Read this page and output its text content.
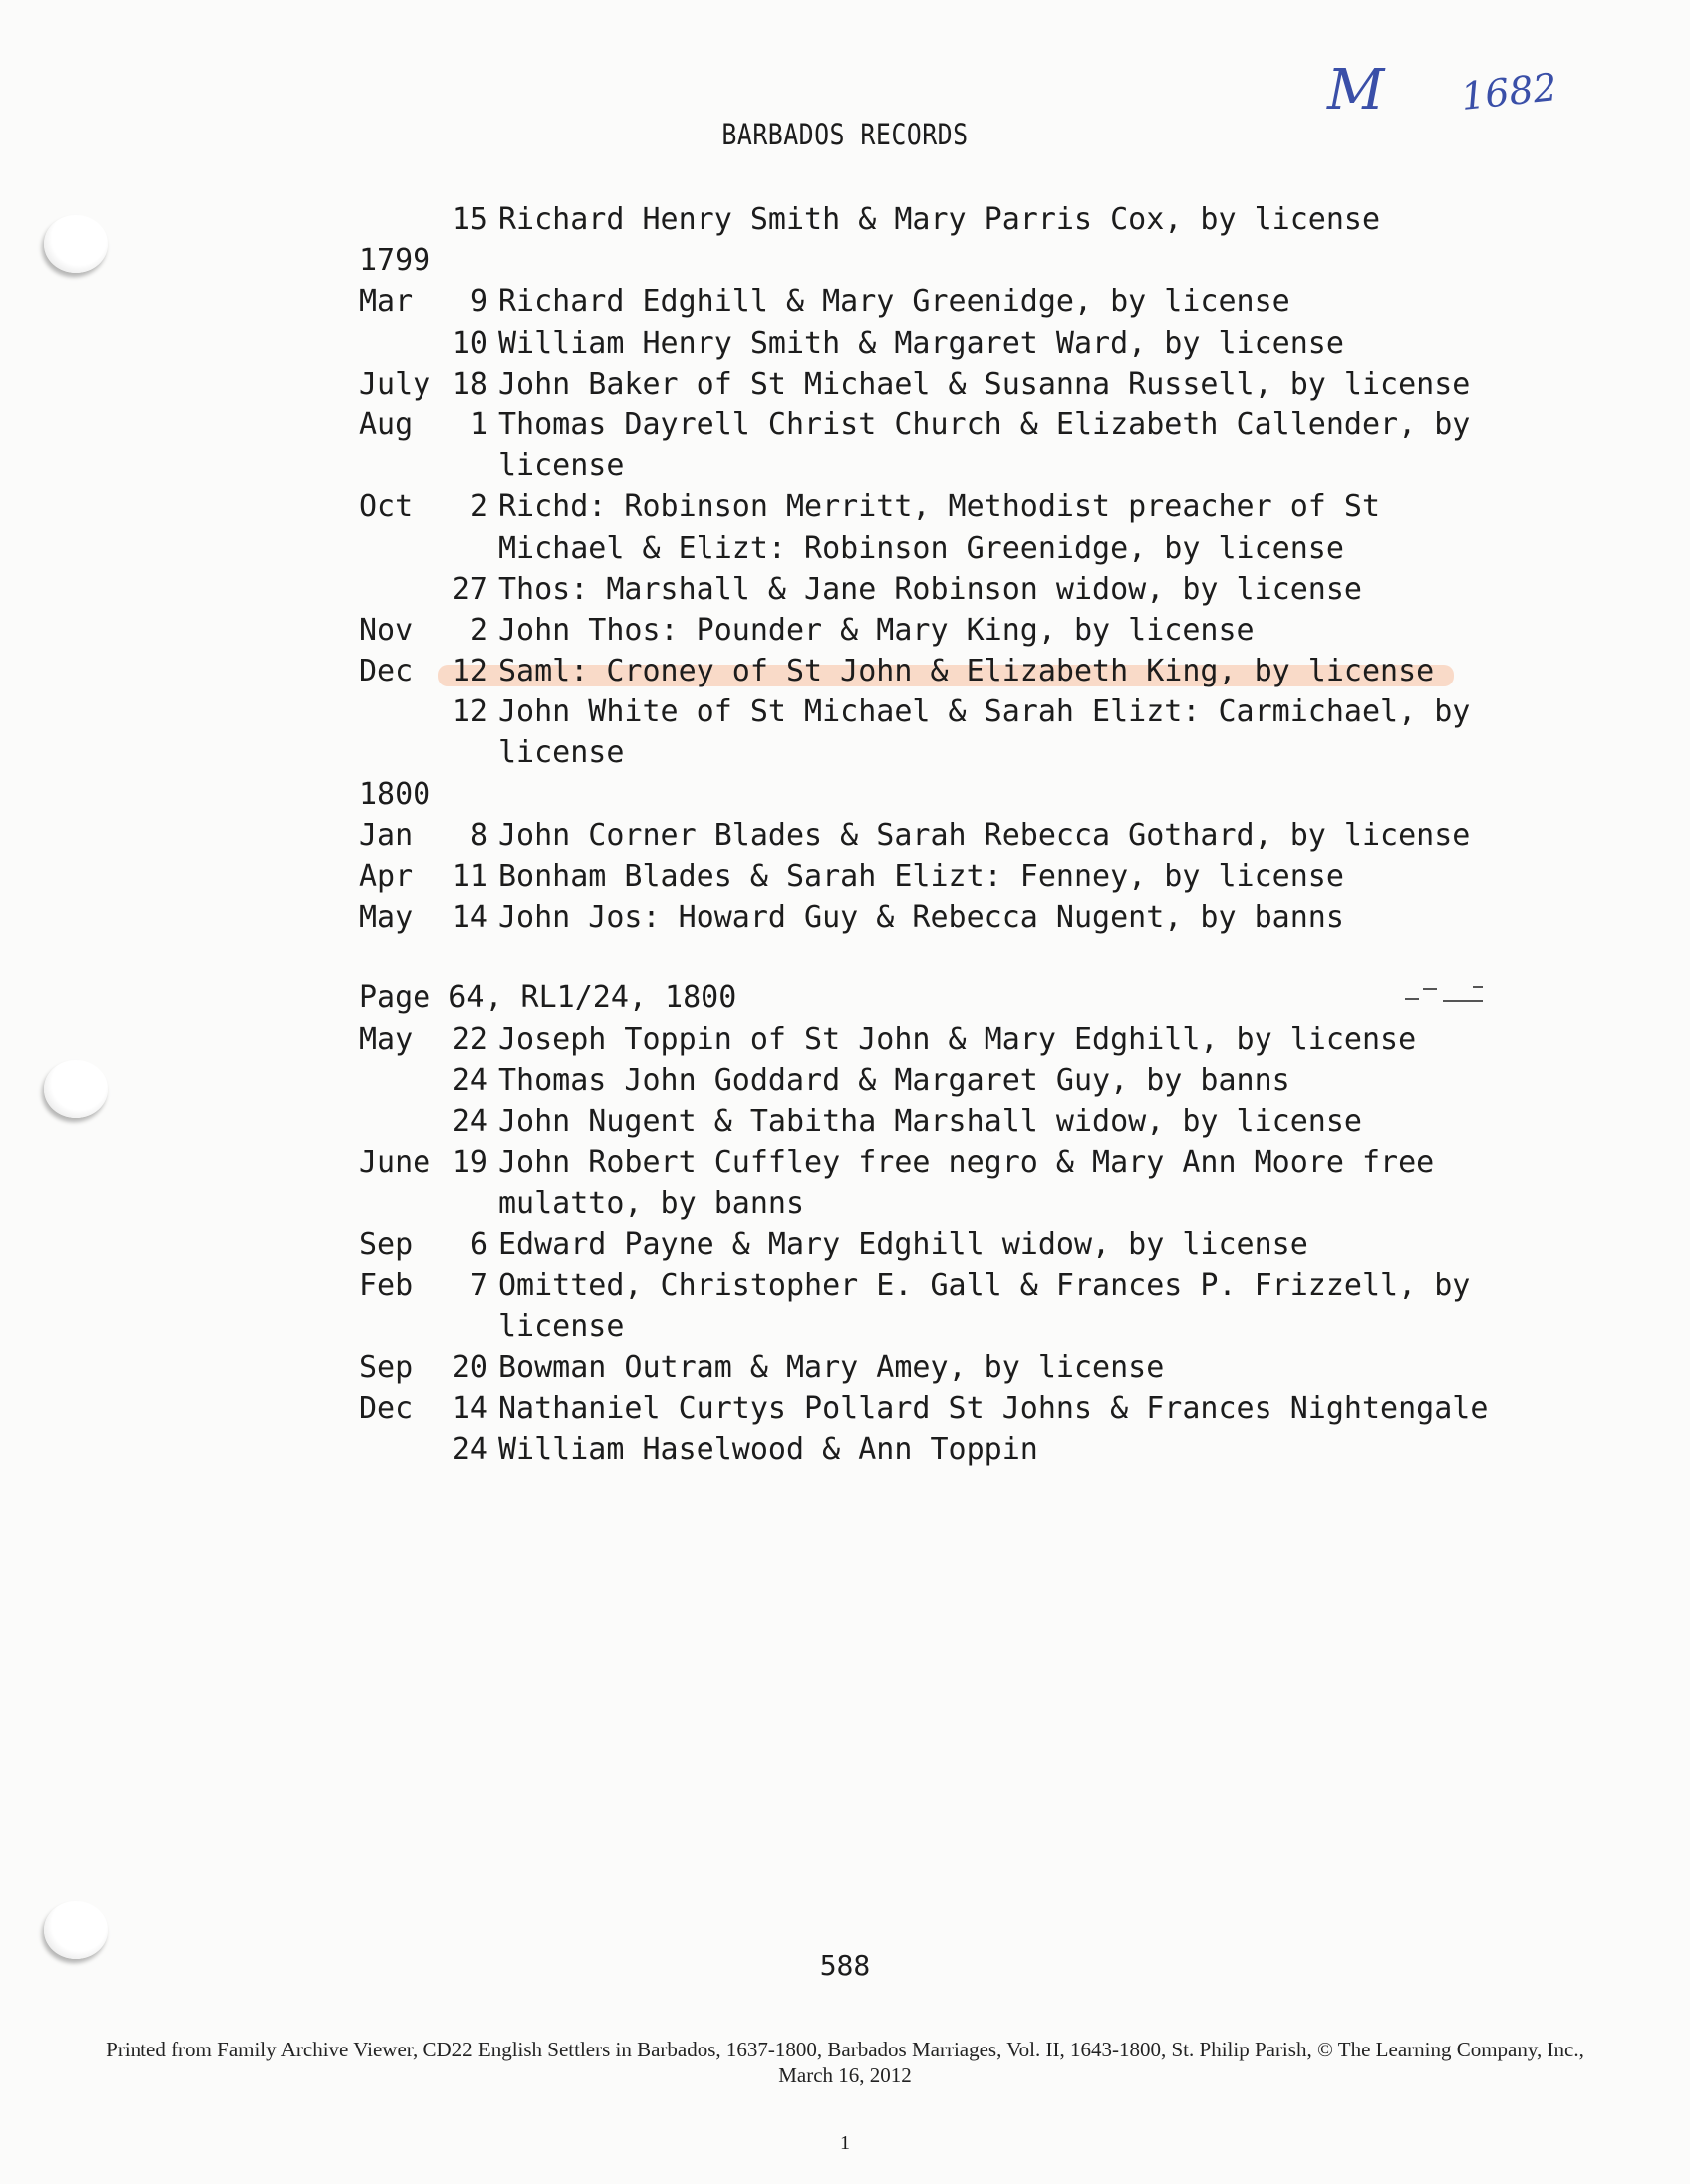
M 1682
BARBADOS RECORDS
15 Richard Henry Smith & Mary Parris Cox, by license
1799
Mar	9 Richard Edghill & Mary Greenidge, by license
10 William Henry Smith & Margaret Ward, by license
July 18 John Baker of St Michael & Susanna Russell, by license
Aug	1 Thomas Dayrell Christ Church & Elizabeth Callender, by
license
Oct	2 Richd: Robinson Merritt, Methodist preacher of St
Michael & Elizt: Robinson Greenidge, by license
27 Thos: Marshall & Jane Robinson widow, by license
Nov	2 John Thos: Pounder & Mary King, by license
Dec	12 Saml: Croney of St John & Elizabeth King, by license
12 John White of St Michael & Sarah Elizt: Carmichael, by
license
1800
Jan	8 John Corner Blades & Sarah Rebecca Gothard, by license
Apr	11 Bonham Blades & Sarah Elizt: Fenney, by license
May	14 John Jos: Howard Guy & Rebecca Nugent, by banns
Page 64, RL1/24, 1800
May	22 Joseph Toppin of St John & Mary Edghill, by license
24 Thomas John Goddard & Margaret Guy, by banns
24 John Nugent & Tabitha Marshall widow, by license
June 19 John Robert Cuffley free negro & Mary Ann Moore free
mulatto, by banns
Sep	6 Edward Payne & Mary Edghill widow, by license
Feb	7 Omitted, Christopher E. Gall & Frances P. Frizzell, by
license
Sep	20 Bowman Outram & Mary Amey, by license
Dec	14 Nathaniel Curtys Pollard St Johns & Frances Nightengale
24 William Haselwood & Ann Toppin
588
Printed from Family Archive Viewer, CD22 English Settlers in Barbados, 1637-1800, Barbados Marriages, Vol. II, 1643-1800, St. Philip Parish, © The Learning Company, Inc.,
March 16, 2012
1
